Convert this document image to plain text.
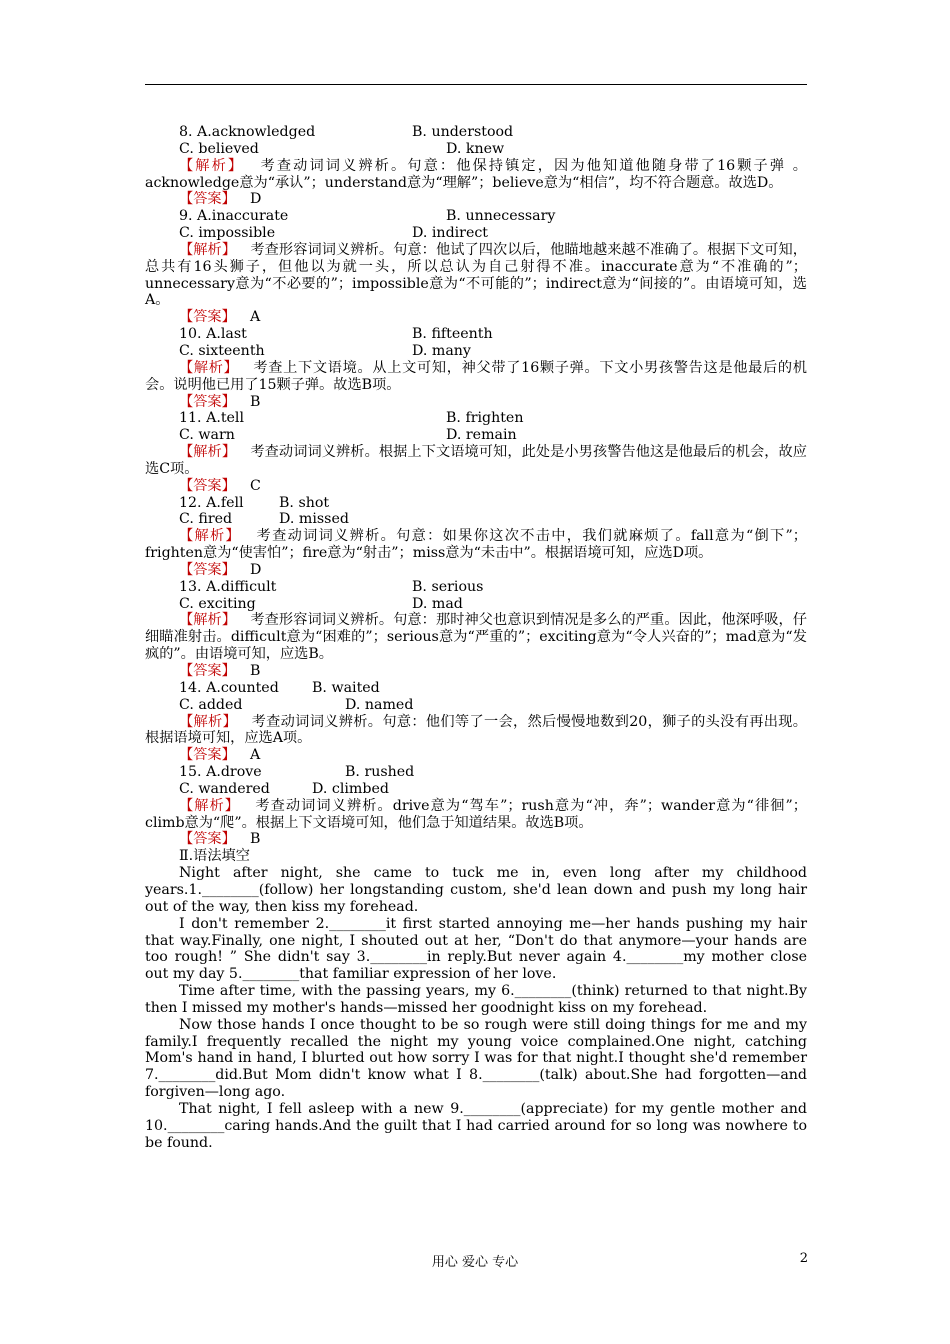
8. A.acknowledged	B. understood
C. believed	D. knew
【解析】  考查动词词义辨析。句意：他保持镇定，因为他知道他随身带了16颗子弹 。acknowledge意为“承认”；understand意为“理解”；believe意为“相信”，均不符合题意。故选D。
【答案】  D
9. A.inaccurate	B. unnecessary
C. impossible	D. indirect
【解析】  考查形容词词义辨析。句意：他试了四次以后，他瞄地越来越不准确了。根据下文可知，总共有16头狮子，但他以为就一头，所以总认为自己射得不准。inaccurate意为“不准确的”；unnecessary意为“不必要的”；impossible意为“不可能的”；indirect意为“间接的”。由语境可知，选A。
【答案】  A
10. A.last	B. fifteenth
C. sixteenth	D. many
【解析】  考查上下文语境。从上文可知，神父带了16颗子弹。下文小男孩警告这是他最后的机会。说明他已用了15颗子弹。故选B项。
【答案】  B
11. A.tell	B. frighten
C. warn	D. remain
【解析】  考查动词词义辨析。根据上下文语境可知，此处是小男孩警告他这是他最后的机会，故应选C项。
【答案】  C
12. A.fell B. shot
C. fired	D. missed
【解析】  考查动词词义辨析。句意：如果你这次不击中，我们就麻烦了。fall意为“倒下”；frighten意为“使害怕”；fire意为“射击”；miss意为“未击中”。根据语境可知，应选D项。
【答案】  D
13. A.difficult	B. serious
C. exciting	D. mad
【解析】  考查形容词词义辨析。句意：那时神父也意识到情况是多么的严重。因此，他深呼吸，仔细瞄准射击。difficult意为“困难的”；serious意为“严重的”；exciting意为“令人兴奋的”；mad意为“发疯的”。由语境可知，应选B。
【答案】  B
14. A.counted B. waited
C. added	D. named
【解析】  考查动词词义辨析。句意：他们等了一会，然后慢慢地数到20，狮子的头没有再出现。根据语境可知，应选A项。
【答案】  A
15. A.drove	B. rushed
C. wandered	D. climbed
【解析】  考查动词词义辨析。drive意为“驾车”；rush意为“冲，奔”；wander意为“徘徊”；climb意为“爬”。根据上下文语境可知，他们急于知道结果。故选B项。
【答案】  B
Ⅱ.语法填空
Night after night, she came to tuck me in, even long after my childhood years.1.________(follow) her longstanding custom, she'd lean down and push my long hair out of the way, then kiss my forehead.
I don't remember 2.________it first started annoying me—her hands pushing my hair that way.Finally, one night, I shouted out at her, “Don't do that anymore—your hands are too rough! ” She didn't say 3.________in reply.But never again 4.________my mother close out my day 5.________that familiar expression of her love.
Time after time, with the passing years, my 6.________(think) returned to that night.By then I missed my mother's hands—missed her goodnight kiss on my forehead.
Now those hands I once thought to be so rough were still doing things for me and my family.I frequently recalled the night my young voice complained.One night, catching Mom's hand in hand, I blurted out how sorry I was for that night.I thought she'd remember 7.________did.But Mom didn't know what I 8.________(talk) about.She had forgotten—and forgiven—long ago.
That night, I fell asleep with a new 9.________(appreciate) for my gentle mother and 10.________caring hands.And the guilt that I had carried around for so long was nowhere to be found.
用心 爱心 专心	2
